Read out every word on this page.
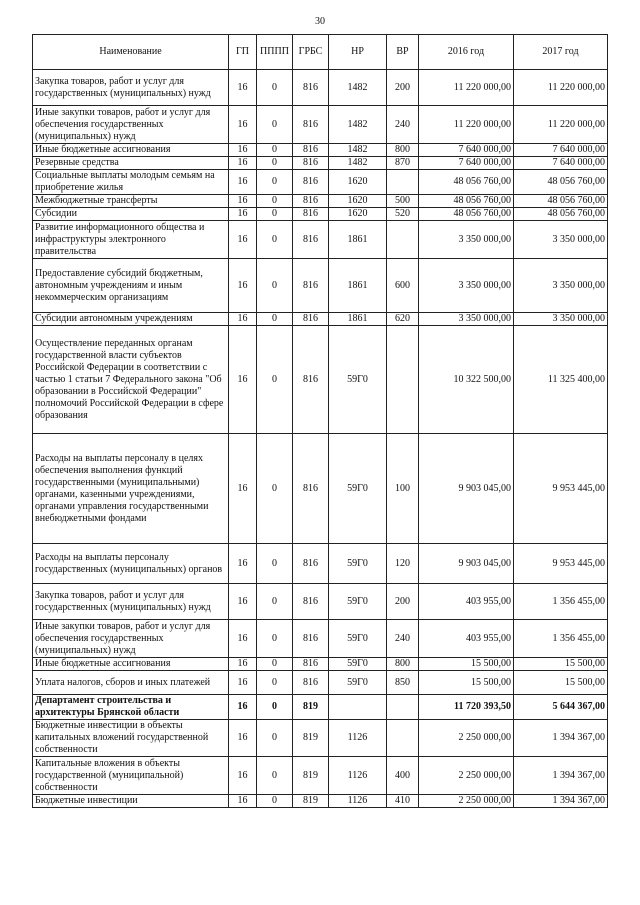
30
Наименование	ГП	ПППП	ГРБС	НР	ВР	2016 год	2017 год
Закупка товаров, работ и услуг для государственных (муниципальных) нужд	16	0	816	1482	200	11 220 000,00	11 220 000,00
Иные закупки товаров, работ и услуг для обеспечения государственных (муниципальных) нужд	16	0	816	1482	240	11 220 000,00	11 220 000,00
Иные бюджетные ассигнования	16	0	816	1482	800	7 640 000,00	7 640 000,00
Резервные средства	16	0	816	1482	870	7 640 000,00	7 640 000,00
Социальные выплаты молодым семьям на приобретение жилья	16	0	816	1620		48 056 760,00	48 056 760,00
Межбюджетные трансферты	16	0	816	1620	500	48 056 760,00	48 056 760,00
Субсидии	16	0	816	1620	520	48 056 760,00	48 056 760,00
Развитие информационного общества и инфраструктуры электронного правительства	16	0	816	1861		3 350 000,00	3 350 000,00
Предоставление субсидий бюджетным, автономным учреждениям и иным некоммерческим организациям	16	0	816	1861	600	3 350 000,00	3 350 000,00
Субсидии автономным учреждениям	16	0	816	1861	620	3 350 000,00	3 350 000,00
Осуществление переданных органам государственной власти субъектов Российской Федерации в соответствии с частью 1 статьи 7 Федерального закона "Об образовании в Российской Федерации" полномочий Российской Федерации в сфере образования	16	0	816	59Г0		10 322 500,00	11 325 400,00
Расходы на выплаты персоналу в целях обеспечения выполнения функций государственными (муниципальными) органами, казенными учреждениями, органами управления государственными внебюджетными фондами	16	0	816	59Г0	100	9 903 045,00	9 953 445,00
Расходы на выплаты персоналу государственных (муниципальных) органов	16	0	816	59Г0	120	9 903 045,00	9 953 445,00
Закупка товаров, работ и услуг для государственных (муниципальных) нужд	16	0	816	59Г0	200	403 955,00	1 356 455,00
Иные закупки товаров, работ и услуг для обеспечения государственных (муниципальных) нужд	16	0	816	59Г0	240	403 955,00	1 356 455,00
Иные бюджетные ассигнования	16	0	816	59Г0	800	15 500,00	15 500,00
Уплата налогов, сборов и иных платежей	16	0	816	59Г0	850	15 500,00	15 500,00
Департамент строительства и архитектуры Брянской области	16	0	819			11 720 393,50	5 644 367,00
Бюджетные инвестиции в объекты капитальных вложений государственной собственности	16	0	819	1126		2 250 000,00	1 394 367,00
Капитальные вложения в объекты государственной (муниципальной) собственности	16	0	819	1126	400	2 250 000,00	1 394 367,00
Бюджетные инвестиции	16	0	819	1126	410	2 250 000,00	1 394 367,00
